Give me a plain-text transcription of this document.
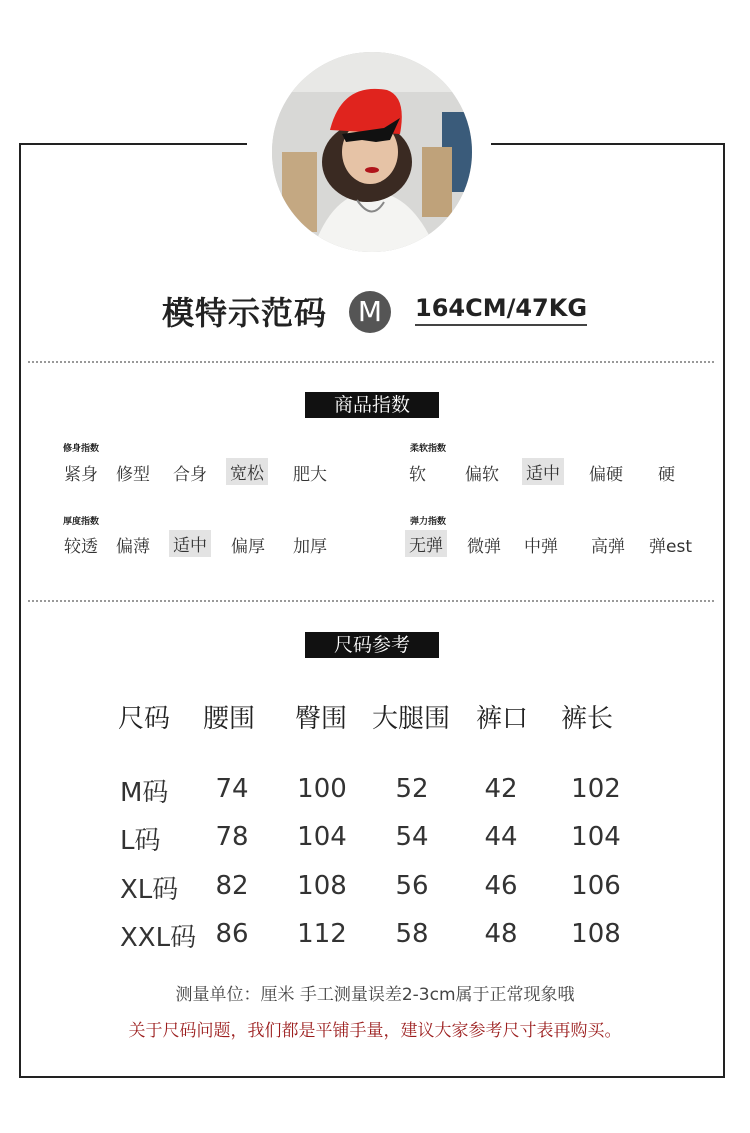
模特示范码	M	164CM/47KG
商品指数
修身指数
紧身 修型 合身 宽松 肥大
柔软指数
软 偏软 适中 偏硬 硬
厚度指数
较透 偏薄 适中 偏厚 加厚
弹力指数
无弹 微弹 中弹 高弹 弹est
尺码参考
尺码 腰围 臀围 大腿围 裤口 裤长
M码	74	100	52	42	102
L码	78	104	54	44	104
XL码	82	108	56	46	106
XXL码 86	112	58	48	108
测量单位：厘米 手工测量误差2-3cm属于正常现象哦
关于尺码问题，我们都是平铺手量，建议大家参考尺寸表再购买。
